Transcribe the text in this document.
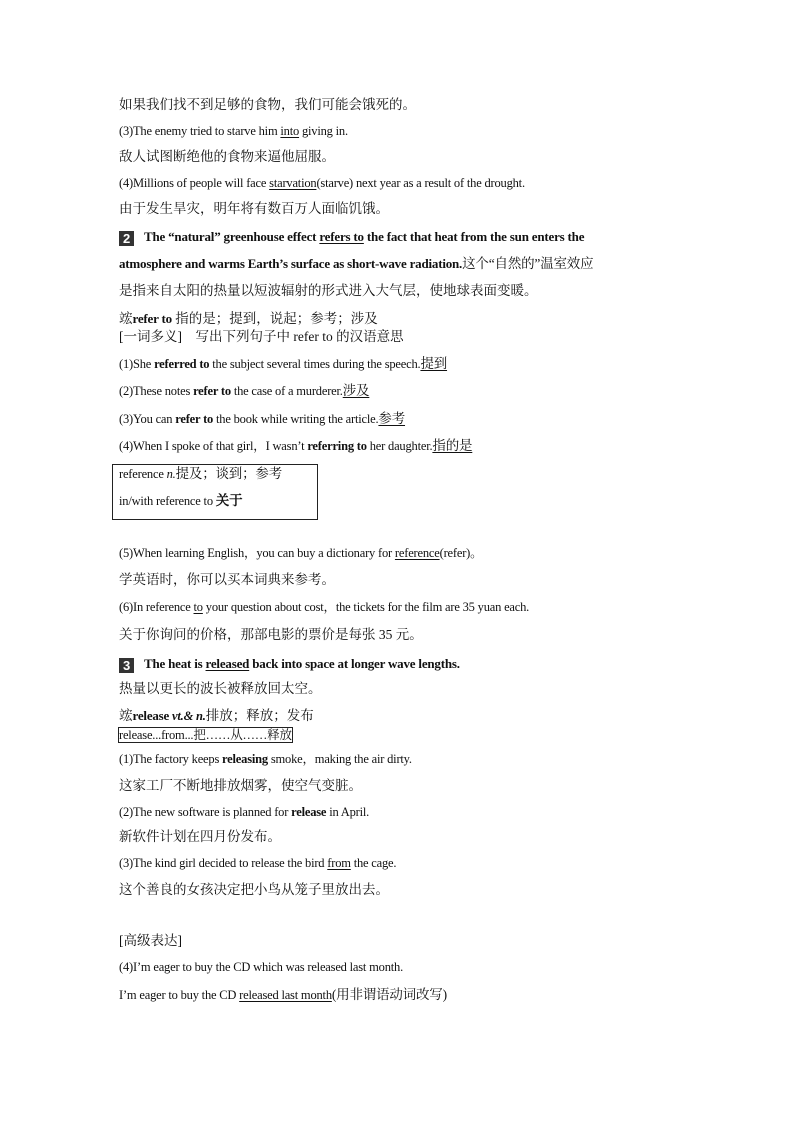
如果我们找不到足够的食物，我们可能会饿死的。
(3)The enemy tried to starve him into giving in.
敌人试图断绝他的食物来逼他屈服。
(4)Millions of people will face starvation(starve) next year as a result of the drought.
由于发生旱灾，明年将有数百万人面临饥饿。
2 The “natural” greenhouse effect refers to the fact that heat from the sun enters the
atmosphere and warms Earth’s surface as short-wave radiation.这个“自然的”温室效应
是指来自太阳的热量以短波辐射的形式进入大气层，使地球表面变暖。
竤refer to 指的是；提到，说起；参考；涉及
[一词多义]　写出下列句子中 refer to 的汉语意思
(1)She referred to the subject several times during the speech.提到
(2)These notes refer to the case of a murderer.涉及
(3)You can refer to the book while writing the article.参考
(4)When I spoke of that girl，I wasn’t referring to her daughter.指的是
reference n.提及；谈到；参考
in/with reference to 关于
(5)When learning English，you can buy a dictionary for reference(refer)。
学英语时，你可以买本词典来参考。
(6)In reference to your question about cost，the tickets for the film are 35 yuan each.
关于你询问的价格，那部电影的票价是每张 35 元。
3 The heat is released back into space at longer wave lengths.
热量以更长的波长被释放回太空。
竤release vt.& n.排放；释放；发布
release...from...把……从……释放
(1)The factory keeps releasing smoke，making the air dirty.
这家工厂不断地排放烟雾，使空气变脏。
(2)The new software is planned for release in April.
新软件计划在四月份发布。
(3)The kind girl decided to release the bird from the cage.
这个善良的女孩决定把小鸟从笼子里放出去。
[高级表达]
(4)I’m eager to buy the CD which was released last month.
I’m eager to buy the CD released last month(用非谓语动词改写)
